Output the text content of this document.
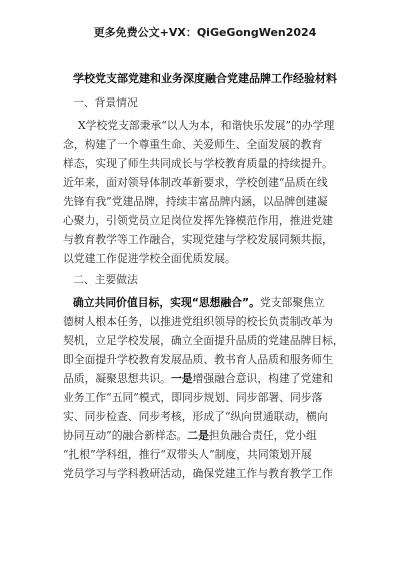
更多免费公文+VX：QiGeGongWen2024
学校党支部党建和业务深度融合党建品牌工作经验材料
一、背景情况
X学校党支部秉承“以人为本，和谐快乐发展”的办学理
念，构建了一个尊重生命、关爱师生、全面发展的教育
样态，实现了师生共同成长与学校教育质量的持续提升。
近年来，面对领导体制改革新要求，学校创建“品质在线
先锋有我”党建品牌，持续丰富品牌内涵，以品牌创建凝
心聚力，引领党员立足岗位发挥先锋模范作用，推进党建
与教育教学等工作融合，实现党建与学校发展同频共振，
以党建工作促进学校全面优质发展。
二、主要做法
确立共同价值目标，实现“思想融合”。党支部聚焦立
德树人根本任务，以推进党组织领导的校长负责制改革为
契机，立足学校发展，确立全面提升品质的党建品牌目标，
即全面提升学校教育发展品质、教书育人品质和服务师生
品质，凝聚思想共识。一是增强融合意识，构建了党建和
业务工作“五同”模式，即同步规划、同步部署、同步落
实、同步检查、同步考核，形成了“纵向贯通联动，横向
协同互动”的融合新样态。二是担负融合责任，党小组
“扎根”学科组，推行“双带头人”制度，共同策划开展
党员学习与学科教研活动，确保党建工作与教育教学工作
